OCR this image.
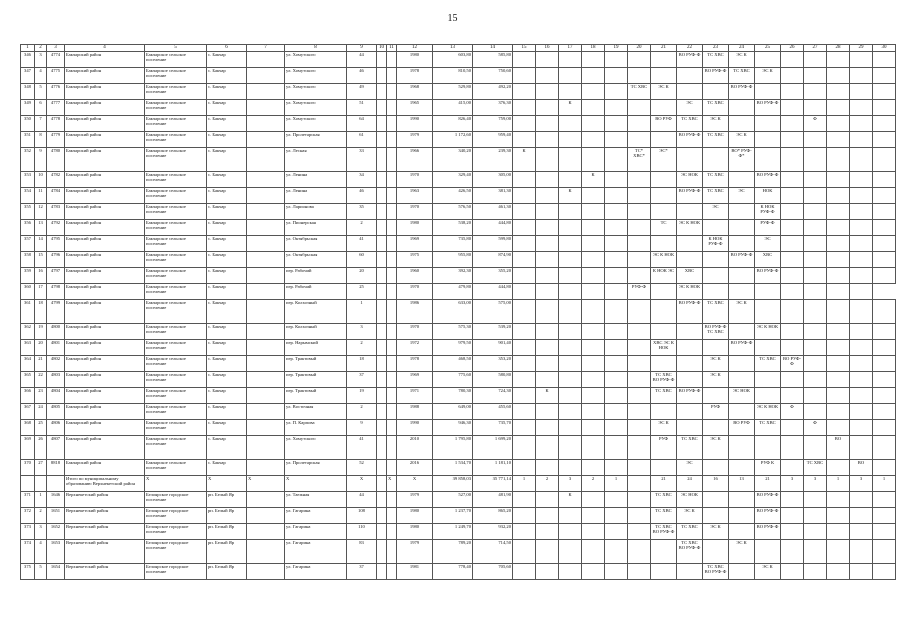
15
1	2	3	4	5	6	7	8	9	10	11	12	13	14	15	16	17	18	19	20	21	22	23	24	25	26	27	28	29	30
346	3	4774	Бакчарский район	Бакчарское сельское поселение	с. Бакчар		ул. Хомутского	44			1980	603,80	585,80								ВО РУФ-Ф	ТС ХВС	ЭС К						
347	4	4775	Бакчарский район	Бакчарское сельское поселение	с. Бакчар		ул. Хомутского	46			1978	810,50	750,60									ВО РУФ-Ф	ТС ХВС	ЭС К					
348	5	4776	Бакчарский район	Бакчарское сельское поселение	с. Бакчар		ул. Хомутского	49			1968	529,80	492,20						ТС ХВС	ЭС К			ВО РУФ-Ф						
349	6	4777	Бакчарский район	Бакчарское сельское поселение	с. Бакчар		ул. Хомутского	51			1965	415,00	376,30			К					ЭС	ТС ХВС		ВО РУФ-Ф					
350	7	4778	Бакчарский район	Бакчарское сельское поселение	с. Бакчар		ул. Хомутского	64			1990	826,40	759,00							ВО РУФ	ТС ХВС	ЭС К				Ф			
351	8	4779	Бакчарский район	Бакчарское сельское поселение	с. Бакчар		ул. Пролетарская	61			1979	1 172,60	959,40								ВО РУФ-Ф	ТС ХВС	ЭС К						
352	9	4780	Бакчарский район	Бакчарское сельское поселение	с. Бакчар		ул. Лесная	33			1966	340,20	239,30	К					ТС* ХВС*	ЭС*			ВО* РУФ-Ф*						
353	10	4782	Бакчарский район	Бакчарское сельское поселение	с. Бакчар		ул. Ленина	34			1970	329,40	305,00				К				ЭС НОК	ТС ХВС		ВО РУФ-Ф					
354	11	4784	Бакчарский район	Бакчарское сельское поселение	с. Бакчар		ул. Ленина	46			1963	426,50	381,30			К					ВО РУФ-Ф	ТС ХВС	ЭС	НОК					
355	12	4783	Бакчарский район	Бакчарское сельское поселение	с. Бакчар		ул. Ларионова	35			1970	576,50	461,30									ЭС		К НОК РУФ-Ф					
356	13	4792	Бакчарский район	Бакчарское сельское поселение	с. Бакчар		ул. Пионерская	2			1980	538,20	444,80							ТС	ЭС К НОК			РУФ-Ф					
357	14	4795	Бакчарский район	Бакчарское сельское поселение	с. Бакчар		ул. Октябрьская	41			1969	735,80	599,80									К НОК РУФ-Ф		ЭС					
358	15	4796	Бакчарский район	Бакчарское сельское поселение	с. Бакчар		ул. Октябрьская	60			1975	955,80	874,90							ЭС К НОК			ВО РУФ-Ф	ХВС					
359	16	4797	Бакчарский район	Бакчарское сельское поселение	с. Бакчар		пер. Рабочий	20			1960	392,30	355,20							К НОК ЭС	ХВС			ВО РУФ-Ф					
360	17	4798	Бакчарский район	Бакчарское сельское поселение	с. Бакчар		пер. Рабочий	25			1970	479,80	444,80						РУФ-Ф		ЭС К НОК								
361	18	4799	Бакчарский район	Бакчарское сельское поселение	с. Бакчар		пер. Колхозный	1			1986	633,00	575,00								ВО РУФ-Ф	ТС ХВС	ЭС К						
362	19	4800	Бакчарский район	Бакчарское сельское поселение	с. Бакчар		пер. Колхозный	3			1970	575,30	539,20									ВО РУФ-Ф ТС ХВС		ЭС К НОК					
363	20	4801	Бакчарский район	Бакчарское сельское поселение	с. Бакчар		пер. Нарымский	2			1972	979,50	901,40							ХВС ЭС К НОК			ВО РУФ-Ф						
364	21	4802	Бакчарский район	Бакчарское сельское поселение	с. Бакчар		пер. Трактовый	18			1978	468,50	353,20									ЭС К		ТС ХВС	ВО РУФ-Ф				
365	22	4803	Бакчарский район	Бакчарское сельское поселение	с. Бакчар		пер. Трактовый	37			1969	775,60	580,80							ТС ХВС ВО РУФ-Ф		ЭС К							
366	23	4804	Бакчарский район	Бакчарское сельское поселение	с. Бакчар		пер. Трактовый	19			1971	780,30	724,30		К					ТС ХВС	ВО РУФ-Ф		ЭС НОК						
367	24	4805	Бакчарский район	Бакчарское сельское поселение	с. Бакчар		ул. Восточная	2			1988	649,00	455,60									РУФ		ЭС К НОК	Ф				
368	25	4806	Бакчарский район	Бакчарское сельское поселение	с. Бакчар		ул. П. Карпова	9			1990	946,30	735,70							ЭС К			ВО РУФ	ТС ХВС		Ф			
369	26	4807	Бакчарский район	Бакчарское сельское поселение	с. Бакчар		ул. Хомутского	41			2010	1 795,80	1 699,20							РУФ	ТС ХВС	ЭС К					ВО		
370	27	8818	Бакчарский район	Бакчарское сельское поселение	с. Бакчар		ул. Пролетарская	52			2016	1 534,70	1 181,10								ЭС			РУФ К		ТС ХВС		ВО	
			Итого по муниципальному образованию Верхнекетский район	Х	Х	Х	Х	Х		Х	Х	39 858,03	35 771,14	1	2	3	2	1		21	24	16	13	21	3	3	1	3	1
371	1	1646	Верхнекетский район	Белоярское городское поселение	рп. Белый Яр		ул. Таежная	44			1979	527,00	481,90			К				ТС ХВС	ЭС НОК			ВО РУФ-Ф					
372	2	1651	Верхнекетский район	Белоярское городское поселение	рп. Белый Яр		ул. Гагарина	108			1980	1 237,70	865,20							ТС ХВС	ЭС К			ВО РУФ-Ф					
373	3	1652	Верхнекетский район	Белоярское городское поселение	рп. Белый Яр		ул. Гагарина	110			1980	1 249,70	932,20							ТС ХВС ВО РУФ-Ф	ТС ХВС	ЭС К		ВО РУФ-Ф					
374	4	1653	Верхнекетский район	Белоярское городское поселение	рп. Белый Яр		ул. Гагарина	83			1979	789,20	714,50								ТС ХВС ВО РУФ-Ф		ЭС К						
375	5	1654	Верхнекетский район	Белоярское городское поселение	рп. Белый Яр		ул. Гагарина	37			1981	778,40	705,60									ТС ХВС ВО РУФ-Ф		ЭС К					
